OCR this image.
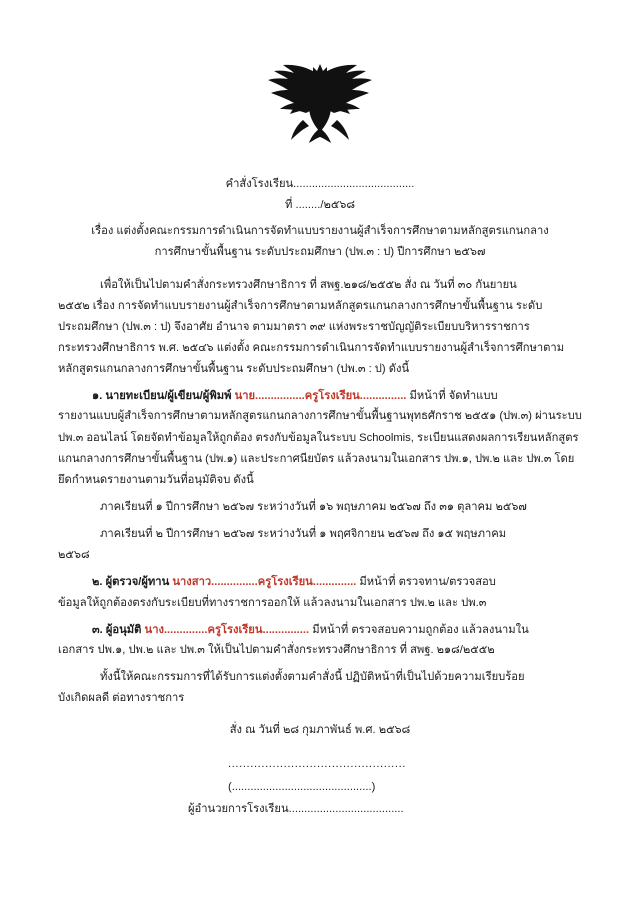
คำสั่งโรงเรียน.......................................

ที่ ......../๒๕๖๘

เรื่อง แต่งตั้งคณะกรรมการดำเนินการจัดทำแบบรายงานผู้สำเร็จการศึกษาตามหลักสูตรแกนกลาง

การศึกษาขั้นพื้นฐาน ระดับประถมศึกษา (ปพ.๓ : ป) ปีการศึกษา ๒๕๖๗

เพื่อให้เป็นไปตามคำสั่งกระทรวงศึกษาธิการ ที่ สพฐ.๒๑๘/๒๕๕๒ สั่ง ณ วันที่ ๓๐ กันยายน

๒๕๕๒ เรื่อง การจัดทำแบบรายงานผู้สำเร็จการศึกษาตามหลักสูตรแกนกลางการศึกษาขั้นพื้นฐาน ระดับ

ประถมศึกษา (ปพ.๓ : ป) จึงอาศัย อำนาจ ตามมาตรา ๓๙ แห่งพระราชบัญญัติระเบียบบริหารราชการ

กระทรวงศึกษาธิการ พ.ศ. ๒๕๔๖ แต่งตั้ง คณะกรรมการดำเนินการจัดทำแบบรายงานผู้สำเร็จการศึกษาตาม

หลักสูตรแกนกลางการศึกษาขั้นพื้นฐาน ระดับประถมศึกษา (ปพ.๓ : ป) ดังนี้

๑. นายทะเบียน/ผู้เขียน/ผู้พิมพ์ นาย................ครูโรงเรียน............... มีหน้าที่ จัดทำแบบ

รายงานแบบผู้สำเร็จการศึกษาตามหลักสูตรแกนกลางการศึกษาขั้นพื้นฐานพุทธศักราช ๒๕๕๑ (ปพ.๓) ผ่านระบบ

ปพ.๓ ออนไลน์ โดยจัดทำข้อมูลให้ถูกต้อง ตรงกับข้อมูลในระบบ Schoolmis, ระเบียนแสดงผลการเรียนหลักสูตร

แกนกลางการศึกษาขั้นพื้นฐาน (ปพ.๑) และประกาศนียบัตร แล้วลงนามในเอกสาร ปพ.๑, ปพ.๒ และ ปพ.๓ โดย

ยึดกำหนดรายงานตามวันที่อนุมัติจบ ดังนี้

ภาคเรียนที่ ๑ ปีการศึกษา ๒๕๖๗ ระหว่างวันที่ ๑๖ พฤษภาคม ๒๕๖๗ ถึง ๓๑ ตุลาคม ๒๕๖๗

ภาคเรียนที่ ๒ ปีการศึกษา ๒๕๖๗ ระหว่างวันที่ ๑ พฤศจิกายน ๒๕๖๗ ถึง ๑๕ พฤษภาคม

๒๕๖๘

๒. ผู้ตรวจ/ผู้ทาน นางสาว...............ครูโรงเรียน.............. มีหน้าที่ ตรวจทาน/ตรวจสอบ

ข้อมูลให้ถูกต้องตรงกับระเบียบที่ทางราชการออกให้ แล้วลงนามในเอกสาร ปพ.๒ และ ปพ.๓

๓. ผู้อนุมัติ นาง..............ครูโรงเรียน............... มีหน้าที่ ตรวจสอบความถูกต้อง แล้วลงนามใน

เอกสาร ปพ.๑, ปพ.๒ และ ปพ.๓ ให้เป็นไปตามคำสั่งกระทรวงศึกษาธิการ ที่ สพฐ. ๒๑๘/๒๕๕๒

ทั้งนี้ให้คณะกรรมการที่ได้รับการแต่งตั้งตามคำสั่งนี้ ปฏิบัติหน้าที่เป็นไปด้วยความเรียบร้อย

บังเกิดผลดี ต่อทางราชการ

สั่ง ณ วันที่ ๒๘ กุมภาพันธ์ พ.ศ. ๒๕๖๘

................................................

(.............................................)

ผู้อำนวยการโรงเรียน.....................................
